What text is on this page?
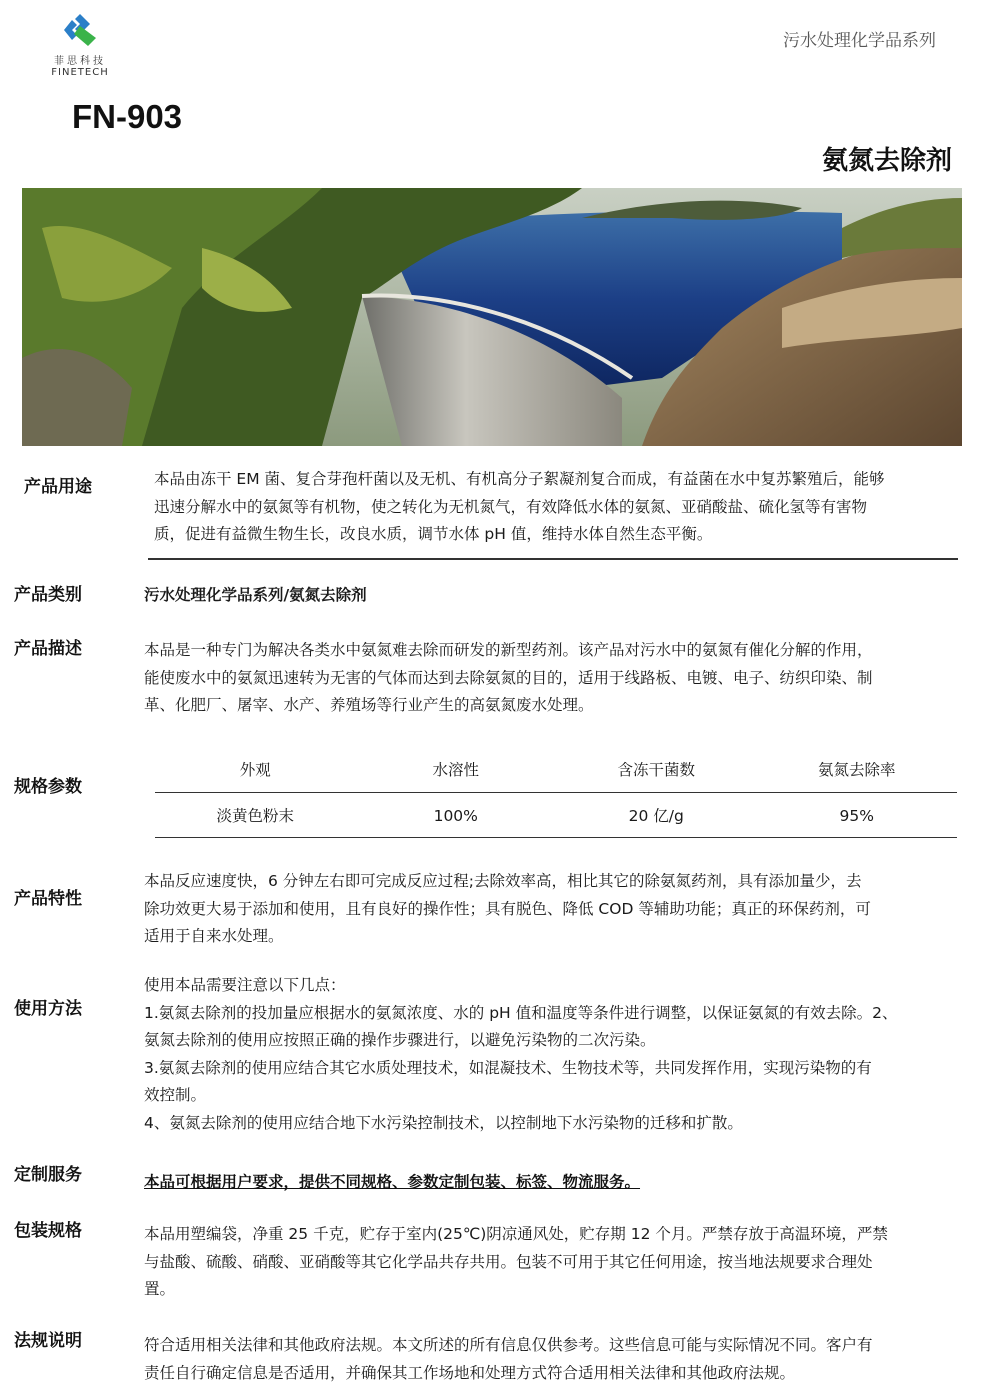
菲思科技
FINETECH
污水处理化学品系列
FN-903
氨氮去除剂
产品用途	本品由冻干 EM 菌、复合芽孢杆菌以及无机、有机高分子絮凝剂复合而成，有益菌在水中复苏繁殖后，能够
迅速分解水中的氨氮等有机物，使之转化为无机氮气，有效降低水体的氨氮、亚硝酸盐、硫化氢等有害物
质，促进有益微生物生长，改良水质，调节水体 pH 值，维持水体自然生态平衡。
产品类别	污水处理化学品系列/氨氮去除剂
产品描述	本品是一种专门为解决各类水中氨氮难去除而研发的新型药剂。该产品对污水中的氨氮有催化分解的作用，
能使废水中的氨氮迅速转为无害的气体而达到去除氨氮的目的，适用于线路板、电镀、电子、纺织印染、制
革、化肥厂、屠宰、水产、养殖场等行业产生的高氨氮废水处理。
规格参数
外观	水溶性	含冻干菌数	氨氮去除率
淡黄色粉末	100%	20 亿/g	95%
产品特性
本品反应速度快，6 分钟左右即可完成反应过程;去除效率高，相比其它的除氨氮药剂，具有添加量少，去
除功效更大易于添加和使用，且有良好的操作性；具有脱色、降低 COD 等辅助功能；真正的环保药剂，可
适用于自来水处理。
使用方法
使用本品需要注意以下几点：
1.氨氮去除剂的投加量应根据水的氨氮浓度、水的 pH 值和温度等条件进行调整，以保证氨氮的有效去除。2、
氨氮去除剂的使用应按照正确的操作步骤进行，以避免污染物的二次污染。
3.氨氮去除剂的使用应结合其它水质处理技术，如混凝技术、生物技术等，共同发挥作用，实现污染物的有
效控制。
4、氨氮去除剂的使用应结合地下水污染控制技术，以控制地下水污染物的迁移和扩散。
定制服务	本品可根据用户要求，提供不同规格、参数定制包装、标签、物流服务。
包装规格	本品用塑编袋，净重 25 千克，贮存于室内(25℃)阴凉通风处，贮存期 12 个月。严禁存放于高温环境，严禁
与盐酸、硫酸、硝酸、亚硝酸等其它化学品共存共用。包装不可用于其它任何用途，按当地法规要求合理处
置。
法规说明	符合适用相关法律和其他政府法规。本文所述的所有信息仅供参考。这些信息可能与实际情况不同。客户有
责任自行确定信息是否适用，并确保其工作场地和处理方式符合适用相关法律和其他政府法规。
